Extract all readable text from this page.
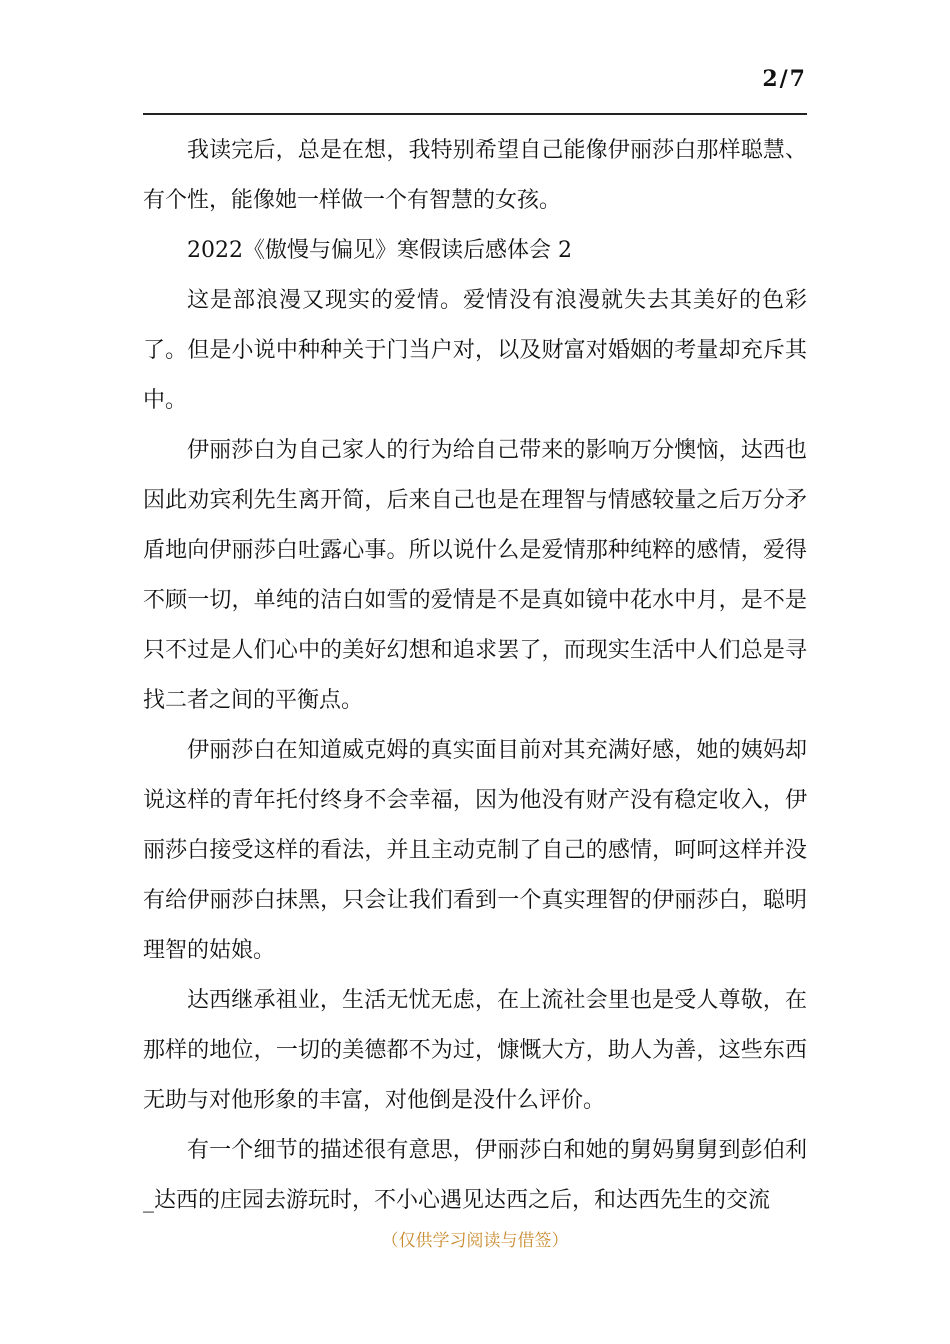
2/7

我读完后，总是在想，我特别希望自己能像伊丽莎白那样聪慧、有个性，能像她一样做一个有智慧的女孩。

2022《傲慢与偏见》寒假读后感体会 2

这是部浪漫又现实的爱情。爱情没有浪漫就失去其美好的色彩了。但是小说中种种关于门当户对，以及财富对婚姻的考量却充斥其中。

伊丽莎白为自己家人的行为给自己带来的影响万分懊恼，达西也因此劝宾利先生离开简，后来自己也是在理智与情感较量之后万分矛盾地向伊丽莎白吐露心事。所以说什么是爱情那种纯粹的感情，爱得不顾一切，单纯的洁白如雪的爱情是不是真如镜中花水中月，是不是只不过是人们心中的美好幻想和追求罢了，而现实生活中人们总是寻找二者之间的平衡点。

伊丽莎白在知道威克姆的真实面目前对其充满好感，她的姨妈却说这样的青年托付终身不会幸福，因为他没有财产没有稳定收入，伊丽莎白接受这样的看法，并且主动克制了自己的感情，呵呵这样并没有给伊丽莎白抹黑，只会让我们看到一个真实理智的伊丽莎白，聪明理智的姑娘。

达西继承祖业，生活无忧无虑，在上流社会里也是受人尊敬，在那样的地位，一切的美德都不为过，慷慨大方，助人为善，这些东西无助与对他形象的丰富，对他倒是没什么评价。

有一个细节的描述很有意思，伊丽莎白和她的舅妈舅舅到彭伯利_达西的庄园去游玩时，不小心遇见达西之后，和达西先生的交流

（仅供学习阅读与借签）
